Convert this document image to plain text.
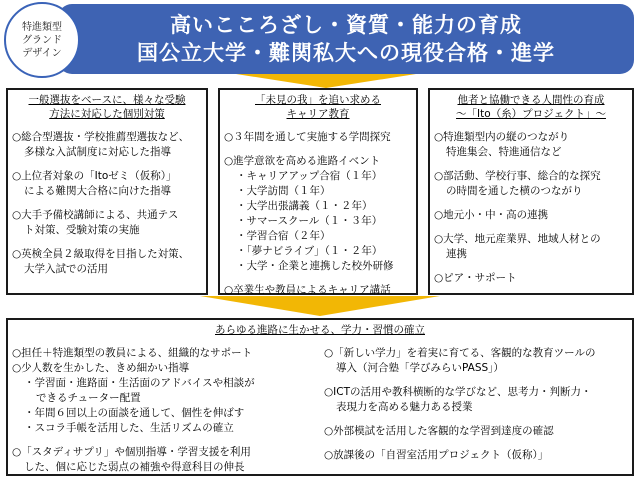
高いこころざし・資質・能力の育成
国公立大学・難関私大への現役合格・進学
特進類型
グランド
デザイン
一般選抜をベースに、様々な受験
方法に対応した個別対策
○総合型選抜・学校推薦型選抜など、
多様な入試制度に対応した指導
○上位者対象の「Itoゼミ（仮称）」
による難関大合格に向けた指導
○大手予備校講師による、共通テス
ト対策、受験対策の実施
○英検全員２級取得を目指した対策、
大学入試での活用
「未見の我」を追い求める
キャリア教育
○３年間を通して実施する学問探究
○進学意欲を高める進路イベント
・キャリアアップ合宿（１年）
・大学訪問（１年）
・大学出張講義（１・２年）
・サマースクール（１・３年）
・学習合宿（２年）
・「夢ナビライブ」（１・２年）
・大学・企業と連携した校外研修
○卒業生や教員によるキャリア講話
他者と協働できる人間性の育成
～「Ito（糸）プロジェクト」～
○特進類型内の縦のつながり
特進集会、特進通信など
○部活動、学校行事、総合的な探究
の時間を通した横のつながり
○地元小・中・高の連携
○大学、地元産業界、地域人材との
連携
○ピア・サポート
あらゆる進路に生かせる、学力・習慣の確立
○担任＋特進類型の教員による、組織的なサポート
○少人数を生かした、きめ細かい指導
・学習面・進路面・生活面のアドバイスや相談が
できるチューター配置
・年間６回以上の面談を通して、個性を伸ばす
・スコラ手帳を活用した、生活リズムの確立
○「スタディサプリ」や個別指導・学習支援を利用
した、個に応じた弱点の補強や得意科目の伸長
○「新しい学力」を着実に育てる、客観的な教育ツールの
導入（河合塾「学びみらいPASS」）
○ICTの活用や教科横断的な学びなど、思考力・判断力・
表現力を高める魅力ある授業
○外部模試を活用した客観的な学習到達度の確認
○放課後の「自習室活用プロジェクト（仮称）」
